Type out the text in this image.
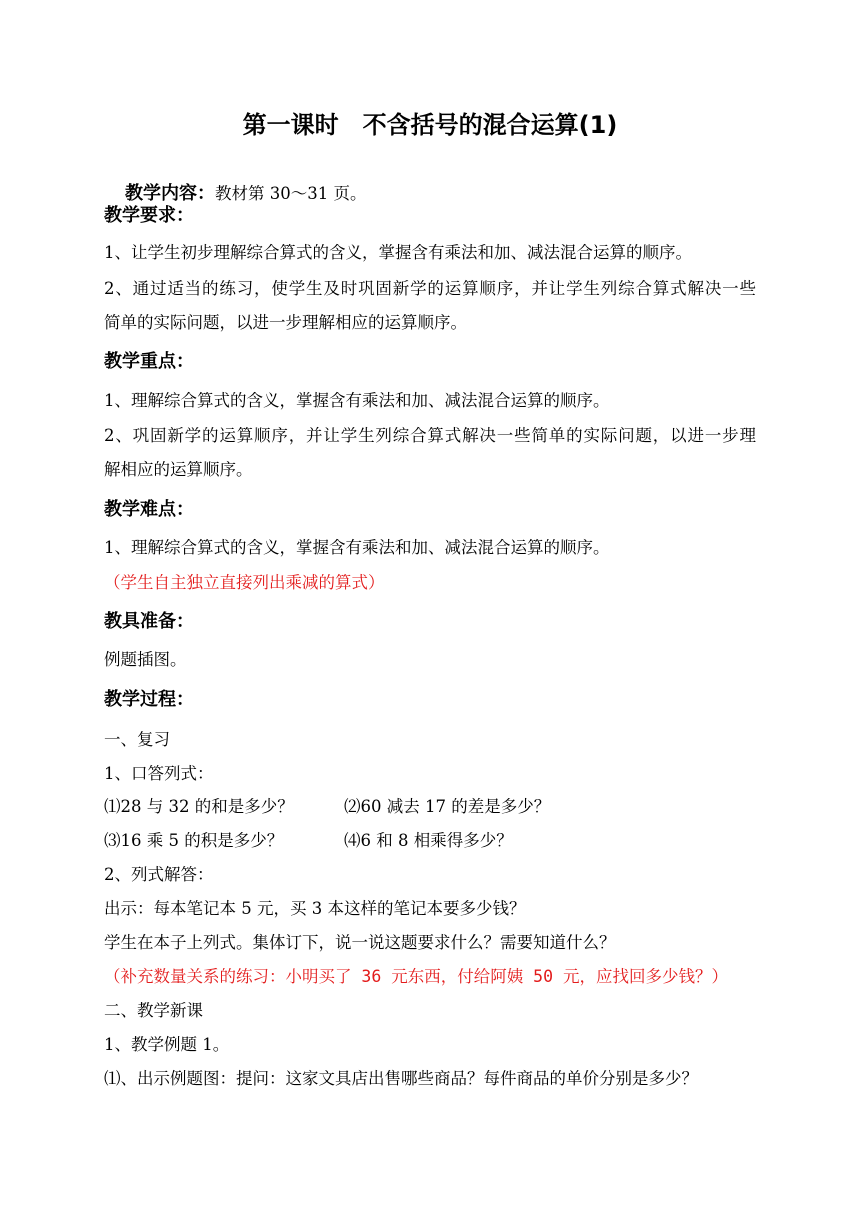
第一课时　不含括号的混合运算(1)

教学内容：教材第 30～31 页。

教学要求：
1、让学生初步理解综合算式的含义，掌握含有乘法和加、减法混合运算的顺序。
2、通过适当的练习，使学生及时巩固新学的运算顺序，并让学生列综合算式解决一些
简单的实际问题，以进一步理解相应的运算顺序。
教学重点：
1、理解综合算式的含义，掌握含有乘法和加、减法混合运算的顺序。
2、巩固新学的运算顺序，并让学生列综合算式解决一些简单的实际问题，以进一步理
解相应的运算顺序。
教学难点：
1、理解综合算式的含义，掌握含有乘法和加、减法混合运算的顺序。
（学生自主独立直接列出乘减的算式）
教具准备：
例题插图。
教学过程：
一、复习
1、口答列式：
⑴28 与 32 的和是多少？	⑵60 减去 17 的差是多少？
⑶16 乘 5 的积是多少？	⑷6 和 8 相乘得多少？
2、列式解答：
出示：每本笔记本 5 元，买 3 本这样的笔记本要多少钱？
学生在本子上列式。集体订下，说一说这题要求什么？需要知道什么？
（补充数量关系的练习：小明买了 36 元东西，付给阿姨 50 元，应找回多少钱？）
二、教学新课
1、教学例题 1。
⑴、出示例题图：提问：这家文具店出售哪些商品？每件商品的单价分别是多少？
